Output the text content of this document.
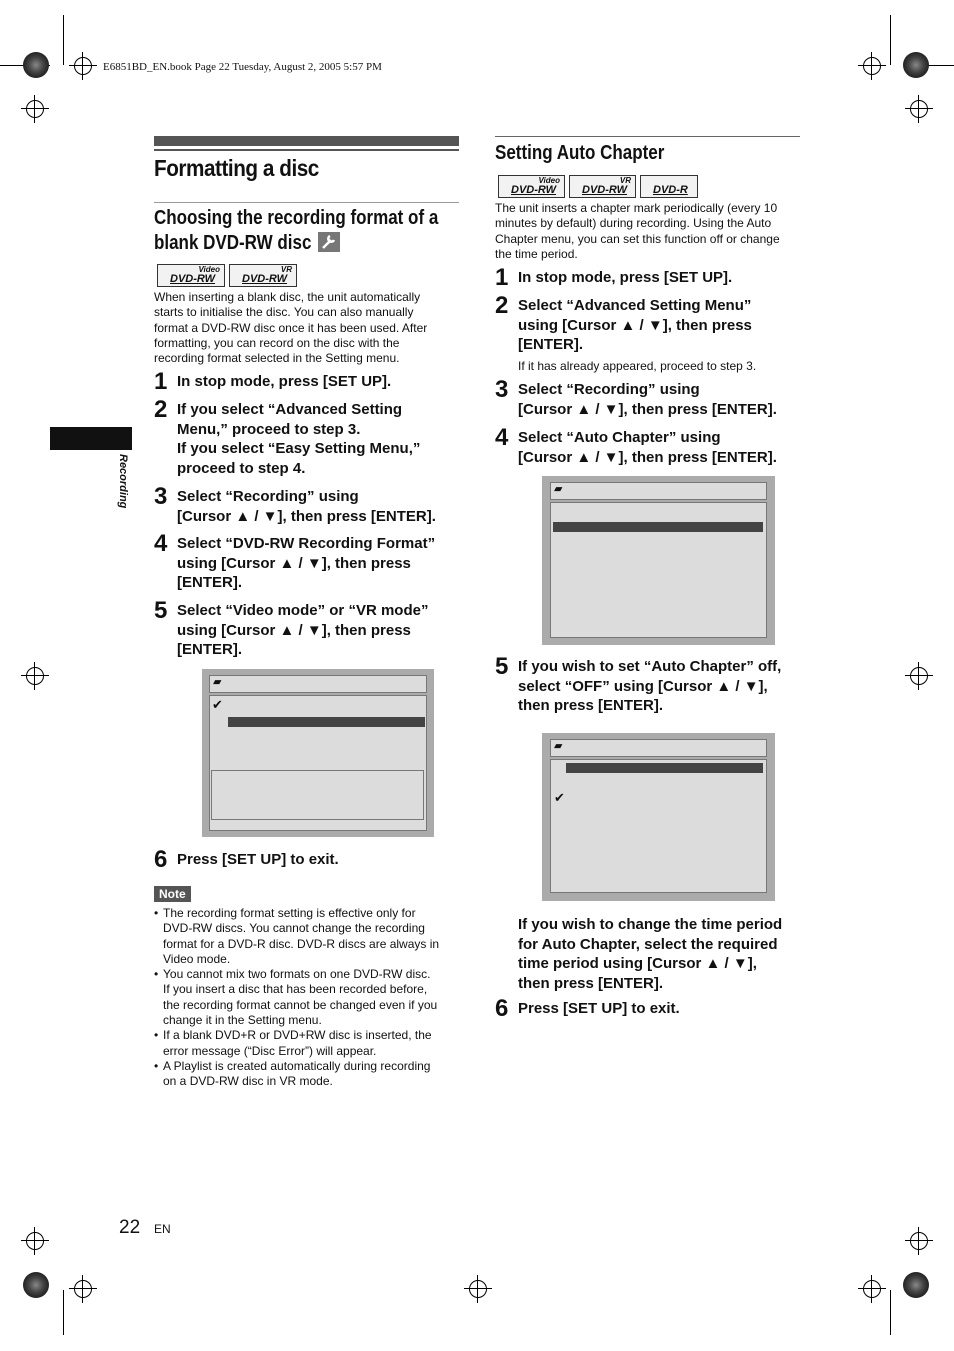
E6851BD_EN.book Page 22 Tuesday, August 2, 2005 5:57 PM
Recording
Formatting a disc
Choosing the recording format of a
blank DVD-RW disc
When inserting a blank disc, the unit automatically
starts to initialise the disc. You can also manually
format a DVD-RW disc once it has been used. After
formatting, you can record on the disc with the
recording format selected in the Setting menu.
▰
✔
Note
• The recording format setting is effective only for
DVD-RW discs. You cannot change the recording
format for a DVD-R disc. DVD-R discs are always in
Video mode.
• You cannot mix two formats on one DVD-RW disc.
If you insert a disc that has been recorded before,
the recording format cannot be changed even if you
change it in the Setting menu.
• If a blank DVD+R or DVD+RW disc is inserted, the
error message (“Disc Error”) will appear.
• A Playlist is created automatically during recording
on a DVD-RW disc in VR mode.
Setting Auto Chapter
The unit inserts a chapter mark periodically (every 10
minutes by default) during recording. Using the Auto
Chapter menu, you can set this function off or change
the time period.
If it has already appeared, proceed to step 3.
▰
▰
✔
If you wish to change the time period
for Auto Chapter, select the required
time period using [Cursor ▲ / ▼],
then press [ENTER].
22 EN
Video
DVD-RW
VR
DVD-RW
Video
DVD-RW
VR
DVD-RW DVD-R
1 In stop mode, press [SET UP].
2 If you select “Advanced Setting
Menu,” proceed to step 3.
If you select “Easy Setting Menu,”
proceed to step 4.
3 Select “Recording” using
[Cursor ▲ / ▼], then press [ENTER].
4 Select “DVD-RW Recording Format”
using [Cursor ▲ / ▼], then press
[ENTER].
5 Select “Video mode” or “VR mode”
using [Cursor ▲ / ▼], then press
[ENTER].
6 Press [SET UP] to exit.
1 In stop mode, press [SET UP].
2 Select “Advanced Setting Menu”
using [Cursor ▲ / ▼], then press
[ENTER].
3 Select “Recording” using
[Cursor ▲ / ▼], then press [ENTER].
4 Select “Auto Chapter” using
[Cursor ▲ / ▼], then press [ENTER].
5 If you wish to set “Auto Chapter” off,
select “OFF” using [Cursor ▲ / ▼],
then press [ENTER].
6 Press [SET UP] to exit.
